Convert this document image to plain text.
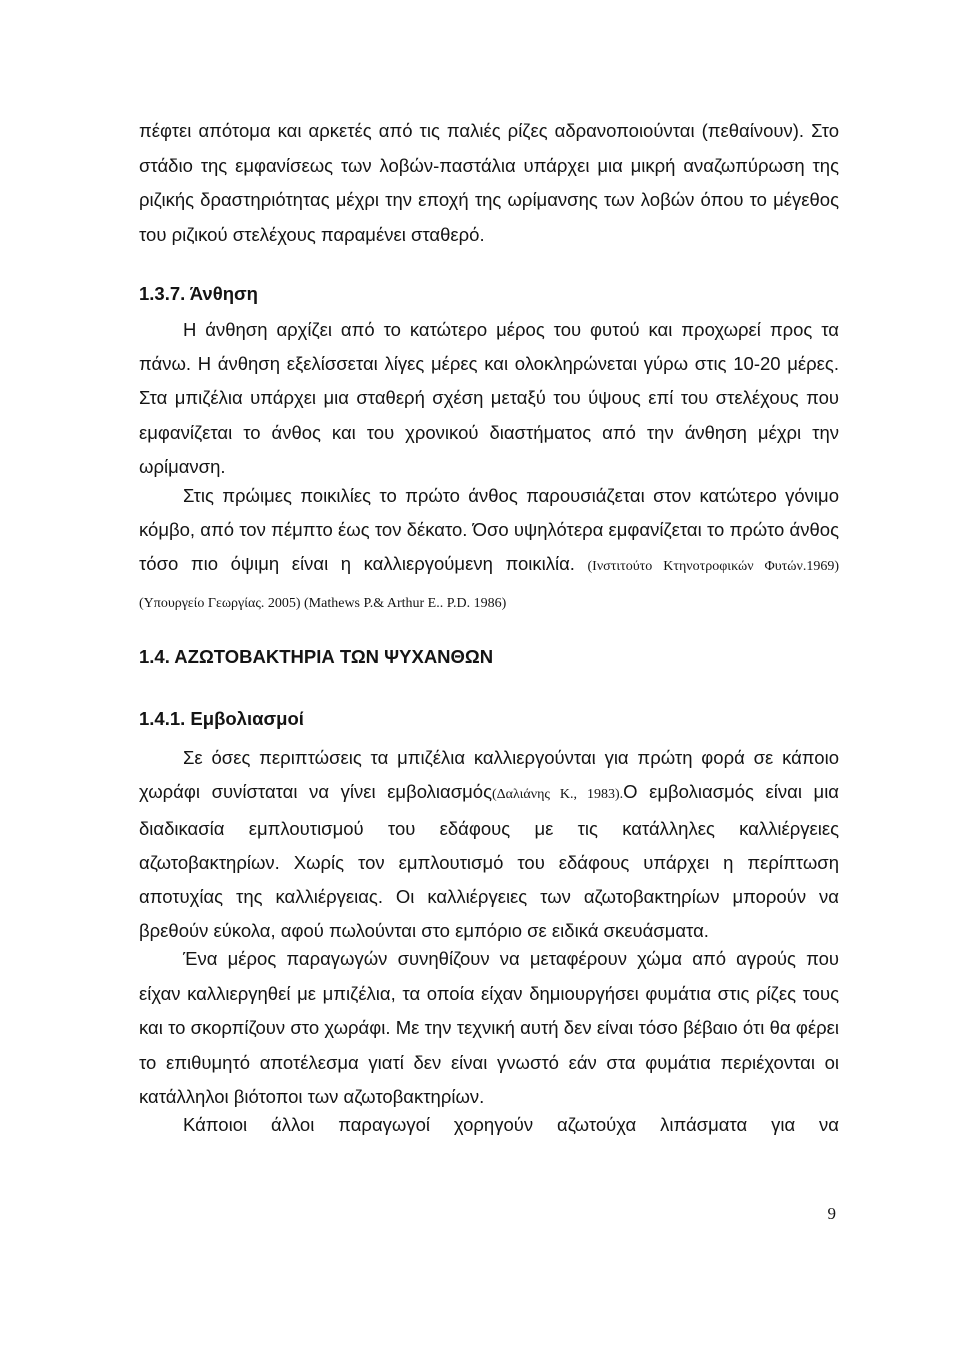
πέφτει απότομα και αρκετές από τις παλιές ρίζες αδρανοποιούνται (πεθαίνουν). Στο στάδιο της εμφανίσεως των λοβών-παστάλια υπάρχει μια μικρή αναζωπύρωση της ριζικής δραστηριότητας μέχρι την εποχή της ωρίμανσης των λοβών όπου το μέγεθος του ριζικού στελέχους παραμένει σταθερό.

1.3.7. Άνθηση

Η άνθηση αρχίζει από το κατώτερο μέρος του φυτού και προχωρεί προς τα πάνω. Η άνθηση εξελίσσεται λίγες μέρες και ολοκληρώνεται γύρω στις 10-20 μέρες. Στα μπιζέλια υπάρχει μια σταθερή σχέση μεταξύ του ύψους επί του στελέχους που εμφανίζεται το άνθος και του χρονικού διαστήματος από την άνθηση μέχρι την ωρίμανση.

Στις πρώιμες ποικιλίες το πρώτο άνθος παρουσιάζεται στον κατώτερο γόνιμο κόμβο, από τον πέμπτο έως τον δέκατο. Όσο υψηλότερα εμφανίζεται το πρώτο άνθος τόσο πιο όψιμη είναι η καλλιεργούμενη ποικιλία. (Ινστιτούτο Κτηνοτροφικών Φυτών.1969) (Υπουργείο Γεωργίας. 2005) (Mathews P.& Arthur E.. P.D. 1986)

1.4. ΑΖΩΤΟΒΑΚΤΗΡΙΑ ΤΩΝ ΨΥΧΑΝΘΩΝ
1.4.1. Εμβολιασμοί

Σε όσες περιπτώσεις τα μπιζέλια καλλιεργούνται για πρώτη φορά σε κάποιο χωράφι συνίσταται να γίνει εμβολιασμός(Δαλιάνης Κ., 1983).Ο εμβολιασμός είναι μια διαδικασία εμπλουτισμού του εδάφους με τις κατάλληλες καλλιέργειες αζωτοβακτηρίων. Χωρίς τον εμπλουτισμό του εδάφους υπάρχει η περίπτωση αποτυχίας της καλλιέργειας. Οι καλλιέργειες των αζωτοβακτηρίων μπορούν να βρεθούν εύκολα, αφού πωλούνται στο εμπόριο σε ειδικά σκευάσματα.

Ένα μέρος παραγωγών συνηθίζουν να μεταφέρουν χώμα από αγρούς που είχαν καλλιεργηθεί με μπιζέλια, τα οποία είχαν δημιουργήσει φυμάτια στις ρίζες τους και το σκορπίζουν στο χωράφι. Με την τεχνική αυτή δεν είναι τόσο βέβαιο ότι θα φέρει το επιθυμητό αποτέλεσμα γιατί δεν είναι γνωστό εάν στα φυμάτια περιέχονται οι κατάλληλοι βιότοποι των αζωτοβακτηρίων.

Κάποιοι άλλοι παραγωγοί χορηγούν αζωτούχα λιπάσματα για να

9
